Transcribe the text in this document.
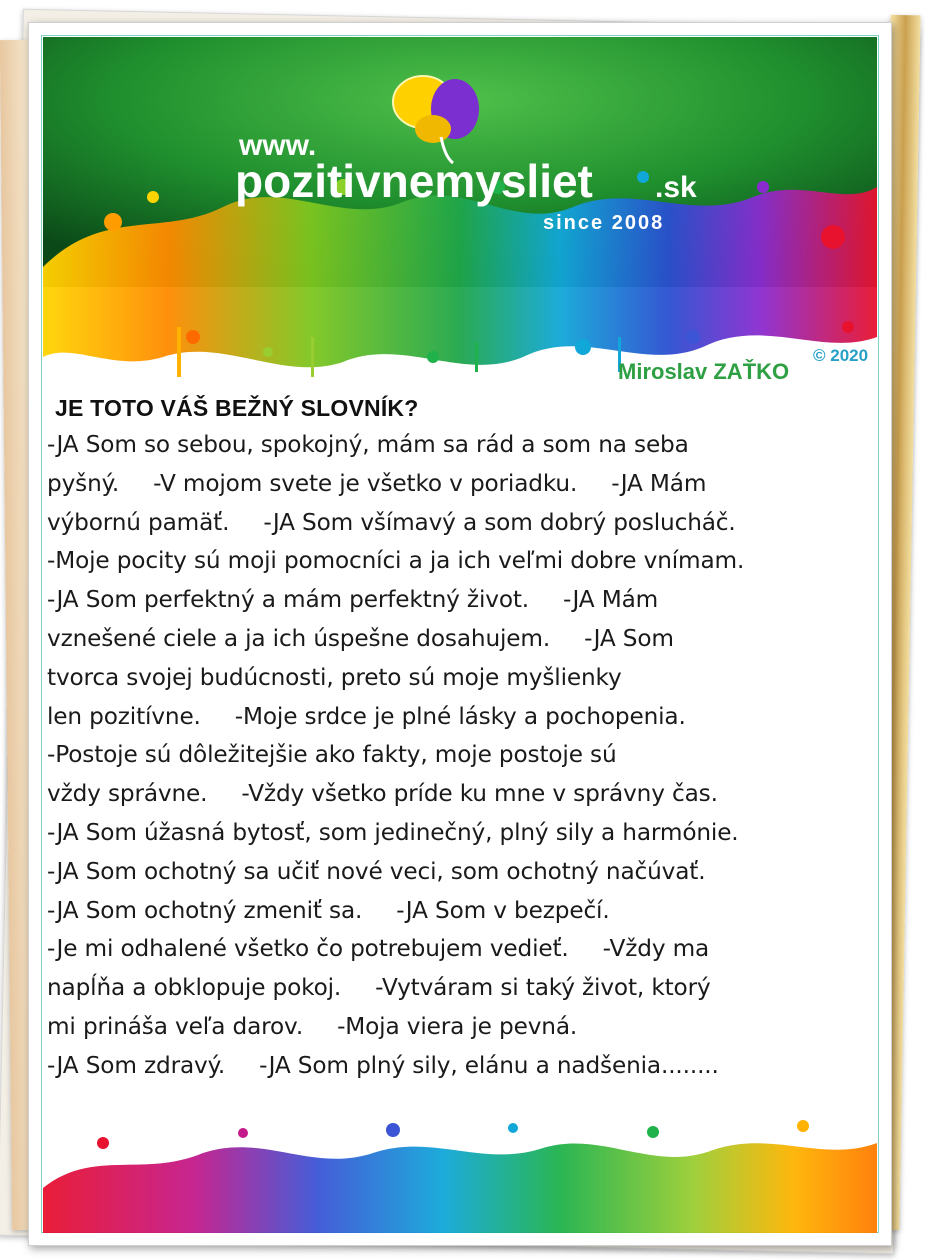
www.
pozitivnemysliet .sk
since 2008
Miroslav ZAŤKO
© 2020
JE TOTO VÁŠ BEŽNÝ SLOVNÍK?
-JA Som so sebou, spokojný, mám sa rád a som na seba
pyšný. -V mojom svete je všetko v poriadku. -JA Mám
výbornú pamäť. -JA Som všímavý a som dobrý poslucháč.
-Moje pocity sú moji pomocníci a ja ich veľmi dobre vnímam.
-JA Som perfektný a mám perfektný život. -JA Mám
vznešené ciele a ja ich úspešne dosahujem. -JA Som
tvorca svojej budúcnosti, preto sú moje myšlienky
len pozitívne. -Moje srdce je plné lásky a pochopenia.
-Postoje sú dôležitejšie ako fakty, moje postoje sú
vždy správne. -Vždy všetko príde ku mne v správny čas.
-JA Som úžasná bytosť, som jedinečný, plný sily a harmónie.
-JA Som ochotný sa učiť nové veci, som ochotný načúvať.
-JA Som ochotný zmeniť sa. -JA Som v bezpečí.
-Je mi odhalené všetko čo potrebujem vedieť. -Vždy ma
napĺňa a obklopuje pokoj. -Vytváram si taký život, ktorý
mi prináša veľa darov. -Moja viera je pevná.
-JA Som zdravý. -JA Som plný sily, elánu a nadšenia........
